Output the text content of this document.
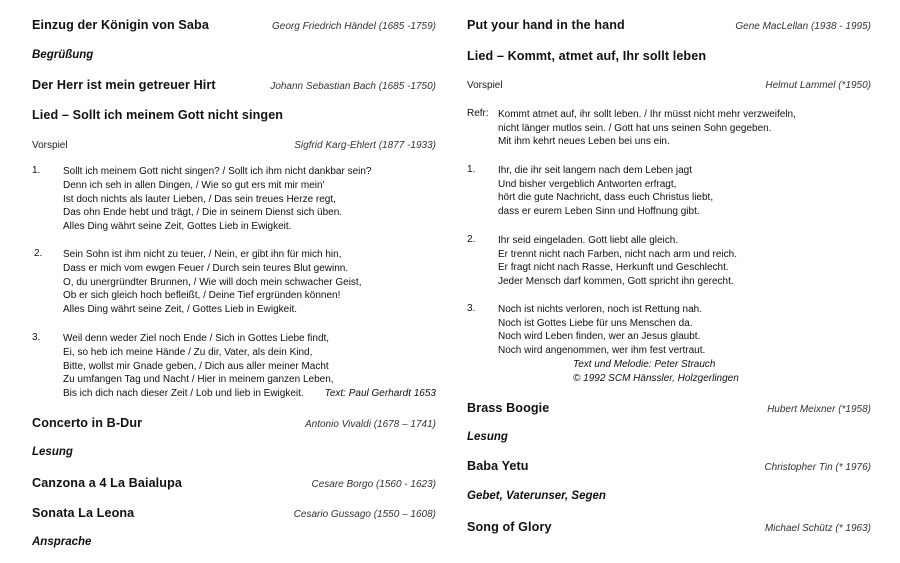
Einzug der Königin von Saba	Georg Friedrich Händel (1685 -1759)
Begrüßung
Der Herr ist mein getreuer Hirt	Johann Sebastian Bach (1685 -1750)
Lied – Sollt ich meinem Gott nicht singen
Vorspiel	Sigfrid Karg-Ehlert (1877 -1933)
1. Sollt ich meinem Gott nicht singen? / Sollt ich ihm nicht dankbar sein?
Denn ich seh in allen Dingen, / Wie so gut ers mit mir mein'
Ist doch nichts als lauter Lieben, / Das sein treues Herze regt,
Das ohn Ende hebt und trägt, / Die in seinem Dienst sich üben.
Alles Ding währt seine Zeit, Gottes Lieb in Ewigkeit.
2. Sein Sohn ist ihm nicht zu teuer, / Nein, er gibt ihn für mich hin,
Dass er mich vom ewgen Feuer / Durch sein teures Blut gewinn.
O, du unergründter Brunnen, / Wie will doch mein schwacher Geist,
Ob er sich gleich hoch befleißt, / Deine Tief ergründen können!
Alles Ding währt seine Zeit, / Gottes Lieb in Ewigkeit.
3. Weil denn weder Ziel noch Ende / Sich in Gottes Liebe findt,
Ei, so heb ich meine Hände / Zu dir, Vater, als dein Kind,
Bitte, wollst mir Gnade geben, / Dich aus aller meiner Macht
Zu umfangen Tag und Nacht / Hier in meinem ganzen Leben,
Bis ich dich nach dieser Zeit / Lob und lieb in Ewigkeit. Text: Paul Gerhardt 1653
Concerto in B-Dur	Antonio Vivaldi (1678 – 1741)
Lesung
Canzona a 4 La Baialupa	Cesare Borgo (1560 - 1623)
Sonata La Leona	Cesario Gussago (1550 – 1608)
Ansprache
Put your hand in the hand	Gene MacLellan (1938 - 1995)
Lied – Kommt, atmet auf, Ihr sollt leben
Vorspiel	Helmut Lammel (*1950)
Refr: Kommt atmet auf, ihr sollt leben. / Ihr müsst nicht mehr verzweifeln,
nicht länger mutlos sein. / Gott hat uns seinen Sohn gegeben.
Mit ihm kehrt neues Leben bei uns ein.
1. Ihr, die ihr seit langem nach dem Leben jagt
Und bisher vergeblich Antworten erfragt,
hört die gute Nachricht, dass euch Christus liebt,
dass er eurem Leben Sinn und Hoffnung gibt.
2. Ihr seid eingeladen. Gott liebt alle gleich.
Er trennt nicht nach Farben, nicht nach arm und reich.
Er fragt nicht nach Rasse, Herkunft und Geschlecht.
Jeder Mensch darf kommen, Gott spricht ihn gerecht.
3. Noch ist nichts verloren, noch ist Rettung nah.
Noch ist Gottes Liebe für uns Menschen da.
Noch wird Leben finden, wer an Jesus glaubt.
Noch wird angenommen, wer ihm fest vertraut.
Text und Melodie: Peter Strauch
© 1992 SCM Hänssler, Holzgerlingen
Brass Boogie	Hubert Meixner (*1958)
Lesung
Baba Yetu	Christopher Tin (* 1976)
Gebet, Vaterunser, Segen
Song of Glory	Michael Schütz (* 1963)
